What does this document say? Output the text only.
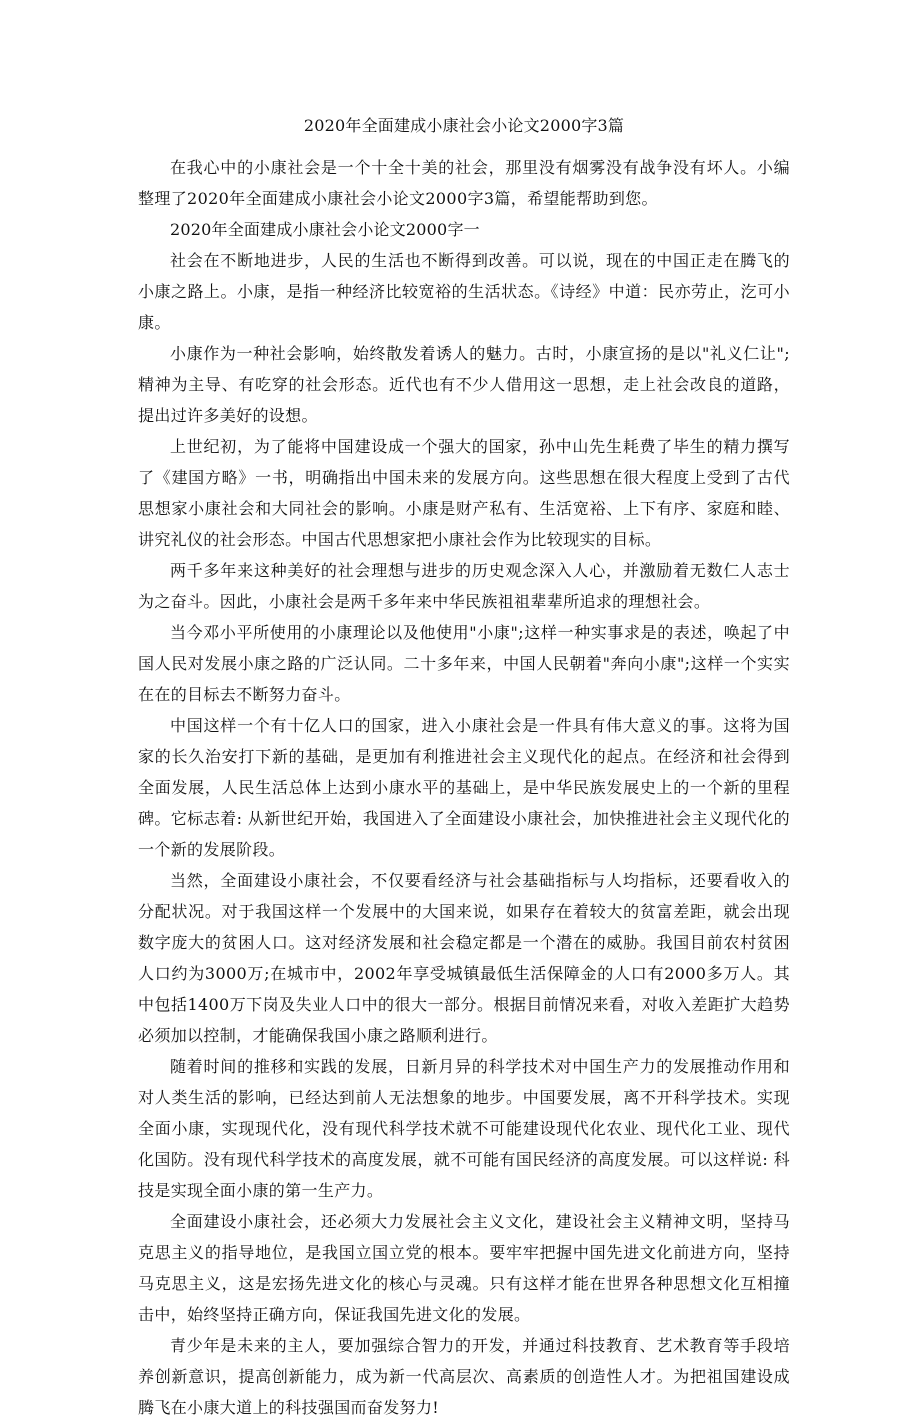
2020年全面建成小康社会小论文2000字3篇

在我心中的小康社会是一个十全十美的社会，那里没有烟雾没有战争没有坏人。小编整理了2020年全面建成小康社会小论文2000字3篇，希望能帮助到您。

2020年全面建成小康社会小论文2000字一

社会在不断地进步，人民的生活也不断得到改善。可以说，现在的中国正走在腾飞的小康之路上。小康，是指一种经济比较宽裕的生活状态。《诗经》中道：民亦劳止，汔可小康。

小康作为一种社会影响，始终散发着诱人的魅力。古时，小康宣扬的是以"礼义仁让";精神为主导、有吃穿的社会形态。近代也有不少人借用这一思想，走上社会改良的道路，提出过许多美好的设想。

上世纪初，为了能将中国建设成一个强大的国家，孙中山先生耗费了毕生的精力撰写了《建国方略》一书，明确指出中国未来的发展方向。这些思想在很大程度上受到了古代思想家小康社会和大同社会的影响。小康是财产私有、生活宽裕、上下有序、家庭和睦、讲究礼仪的社会形态。中国古代思想家把小康社会作为比较现实的目标。

两千多年来这种美好的社会理想与进步的历史观念深入人心，并激励着无数仁人志士为之奋斗。因此，小康社会是两千多年来中华民族祖祖辈辈所追求的理想社会。

当今邓小平所使用的小康理论以及他使用"小康";这样一种实事求是的表述，唤起了中国人民对发展小康之路的广泛认同。二十多年来，中国人民朝着"奔向小康";这样一个实实在在的目标去不断努力奋斗。

中国这样一个有十亿人口的国家，进入小康社会是一件具有伟大意义的事。这将为国家的长久治安打下新的基础，是更加有利推进社会主义现代化的起点。在经济和社会得到全面发展，人民生活总体上达到小康水平的基础上，是中华民族发展史上的一个新的里程碑。它标志着: 从新世纪开始，我国进入了全面建设小康社会，加快推进社会主义现代化的一个新的发展阶段。

当然，全面建设小康社会，不仅要看经济与社会基础指标与人均指标，还要看收入的分配状况。对于我国这样一个发展中的大国来说，如果存在着较大的贫富差距，就会出现数字庞大的贫困人口。这对经济发展和社会稳定都是一个潜在的威胁。我国目前农村贫困人口约为3000万;在城市中，2002年享受城镇最低生活保障金的人口有2000多万人。其中包括1400万下岗及失业人口中的很大一部分。根据目前情况来看，对收入差距扩大趋势必须加以控制，才能确保我国小康之路顺利进行。

随着时间的推移和实践的发展，日新月异的科学技术对中国生产力的发展推动作用和对人类生活的影响，已经达到前人无法想象的地步。中国要发展，离不开科学技术。实现全面小康，实现现代化，没有现代科学技术就不可能建设现代化农业、现代化工业、现代化国防。没有现代科学技术的高度发展，就不可能有国民经济的高度发展。可以这样说: 科技是实现全面小康的第一生产力。

全面建设小康社会，还必须大力发展社会主义文化，建设社会主义精神文明，坚持马克思主义的指导地位，是我国立国立党的根本。要牢牢把握中国先进文化前进方向，坚持马克思主义，这是宏扬先进文化的核心与灵魂。只有这样才能在世界各种思想文化互相撞击中，始终坚持正确方向，保证我国先进文化的发展。

青少年是未来的主人，要加强综合智力的开发，并通过科技教育、艺术教育等手段培养创新意识，提高创新能力，成为新一代高层次、高素质的创造性人才。为把祖国建设成腾飞在小康大道上的科技强国而奋发努力!
